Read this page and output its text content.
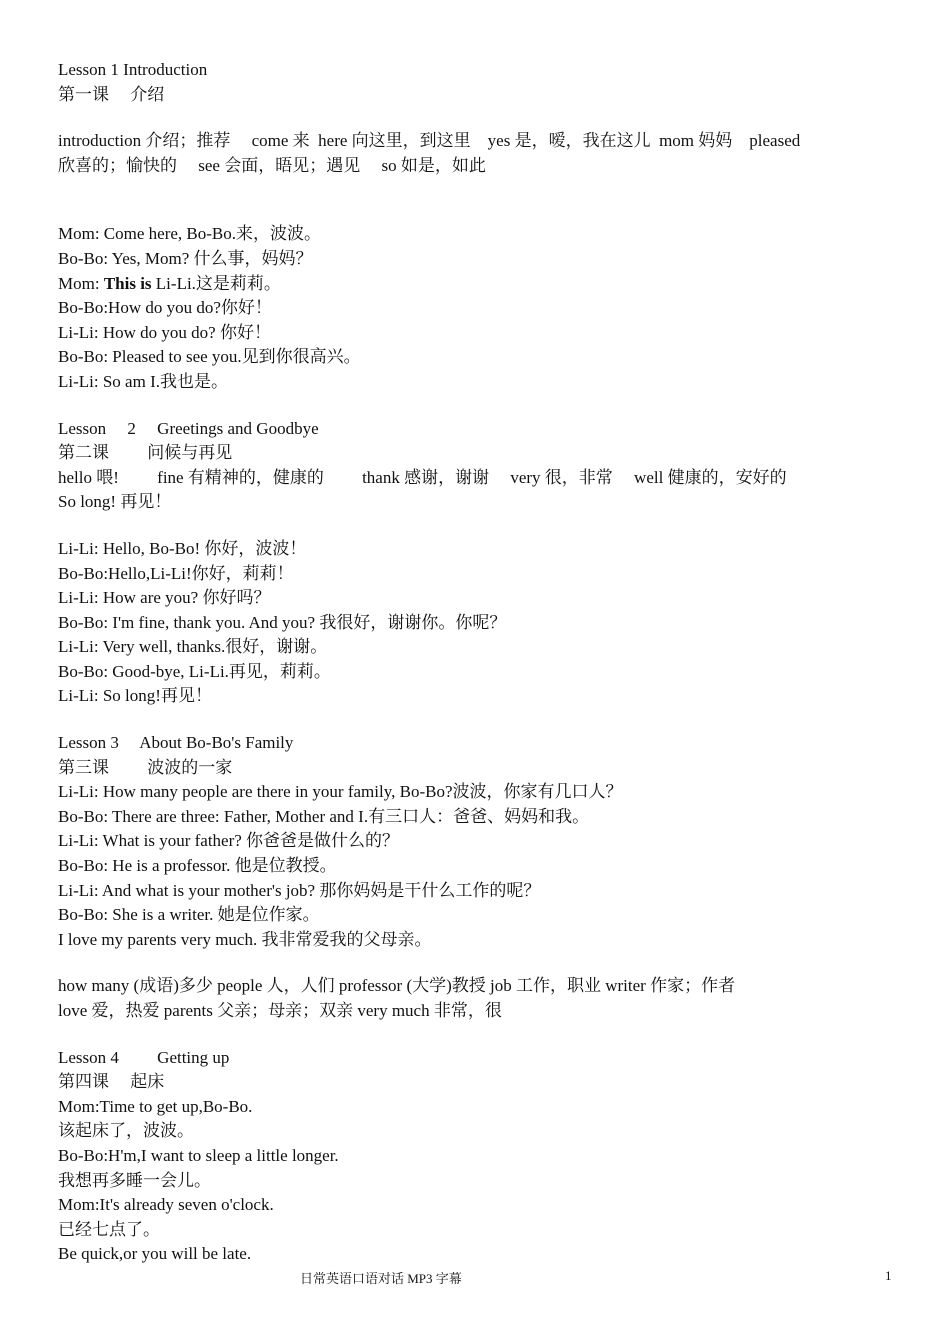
Lesson 1 Introduction
第一课　 介绍
introduction 介绍；推荐　 come 来  here 向这里，到这里　yes 是，嗳，我在这儿  mom 妈妈　pleased
欣喜的；愉快的　 see 会面，晤见；遇见　 so 如是，如此
Mom: Come here, Bo-Bo.来，波波。
Bo-Bo: Yes, Mom? 什么事，妈妈？
Mom: This is Li-Li.这是莉莉。
Bo-Bo:How do you do?你好！
Li-Li: How do you do? 你好！
Bo-Bo: Pleased to see you.见到你很高兴。
Li-Li: So am I.我也是。
Lesson　 2　 Greetings and Goodbye
第二课　　 问候与再见
hello 喂!　　 fine 有精神的，健康的　　 thank 感谢，谢谢　 very 很，非常　 well 健康的，安好的
So long! 再见！
Li-Li: Hello, Bo-Bo! 你好，波波！
Bo-Bo:Hello,Li-Li!你好，莉莉！
Li-Li: How are you? 你好吗？
Bo-Bo: I'm fine, thank you. And you? 我很好，谢谢你。你呢？
Li-Li: Very well, thanks.很好，谢谢。
Bo-Bo: Good-bye, Li-Li.再见，莉莉。
Li-Li: So long!再见！
Lesson 3　 About Bo-Bo's Family
第三课　　 波波的一家
Li-Li: How many people are there in your family, Bo-Bo?波波，你家有几口人？
Bo-Bo: There are three: Father, Mother and I.有三口人：爸爸、妈妈和我。
Li-Li: What is your father? 你爸爸是做什么的？
Bo-Bo: He is a professor. 他是位教授。
Li-Li: And what is your mother's job? 那你妈妈是干什么工作的呢？
Bo-Bo: She is a writer. 她是位作家。
I love my parents very much. 我非常爱我的父母亲。
how many (成语)多少 people 人，人们 professor (大学)教授 job 工作，职业 writer 作家；作者
love 爱，热爱 parents 父亲；母亲；双亲 very much 非常，很
Lesson 4　　 Getting up
第四课　 起床
Mom:Time to get up,Bo-Bo.
该起床了，波波。
Bo-Bo:H'm,I want to sleep a little longer.
我想再多睡一会儿。
Mom:It's already seven o'clock.
已经七点了。
Be quick,or you will be late.
日常英语口语对话 MP3 字幕	1
